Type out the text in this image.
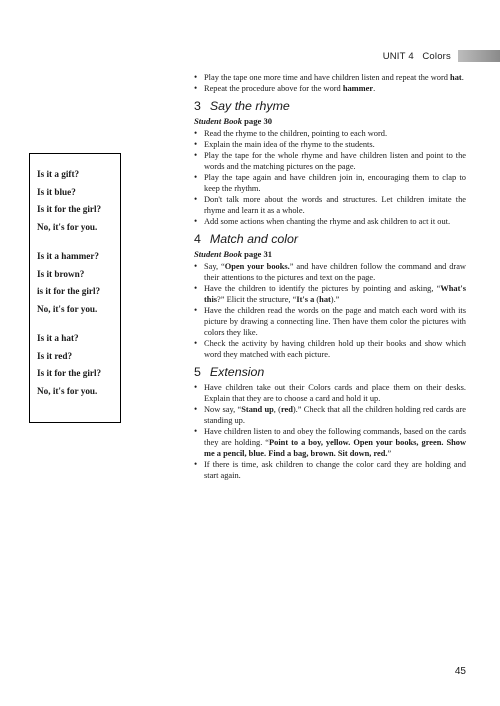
UNIT 4 Colors
Is it a gift?
Is it blue?
Is it for the girl?
No, it's for you.
Is it a hammer?
Is it brown?
is it for the girl?
No, it's for you.
Is it a hat?
Is it red?
Is it for the girl?
No, it's for you.
• Play the tape one more time and have children listen and repeat the word hat.
• Repeat the procedure above for the word hammer.
3 Say the rhyme
Student Book page 30
• Read the rhyme to the children, pointing to each word.
• Explain the main idea of the rhyme to the students.
• Play the tape for the whole rhyme and have children listen and point to the words and the matching pictures on the page.
• Play the tape again and have children join in, encouraging them to clap to keep the rhythm.
• Don't talk more about the words and structures. Let children imitate the rhyme and learn it as a whole.
• Add some actions when chanting the rhyme and ask children to act it out.
4 Match and color
Student Book page 31
• Say, “Open your books.” and have children follow the command and draw their attentions to the pictures and text on the page.
• Have the children to identify the pictures by pointing and asking, “What's this?” Elicit the structure, “It's a (hat).”
• Have the children read the words on the page and match each word with its picture by drawing a connecting line. Then have them color the pictures with colors they like.
• Check the activity by having children hold up their books and show which word they matched with each picture.
5 Extension
• Have children take out their Colors cards and place them on their desks. Explain that they are to choose a card and hold it up.
• Now say, “Stand up, (red).” Check that all the children holding red cards are standing up.
• Have children listen to and obey the following commands, based on the cards they are holding. “Point to a boy, yellow. Open your books, green. Show me a pencil, blue. Find a bag, brown. Sit down, red.”
• If there is time, ask children to change the color card they are holding and start again.
45
